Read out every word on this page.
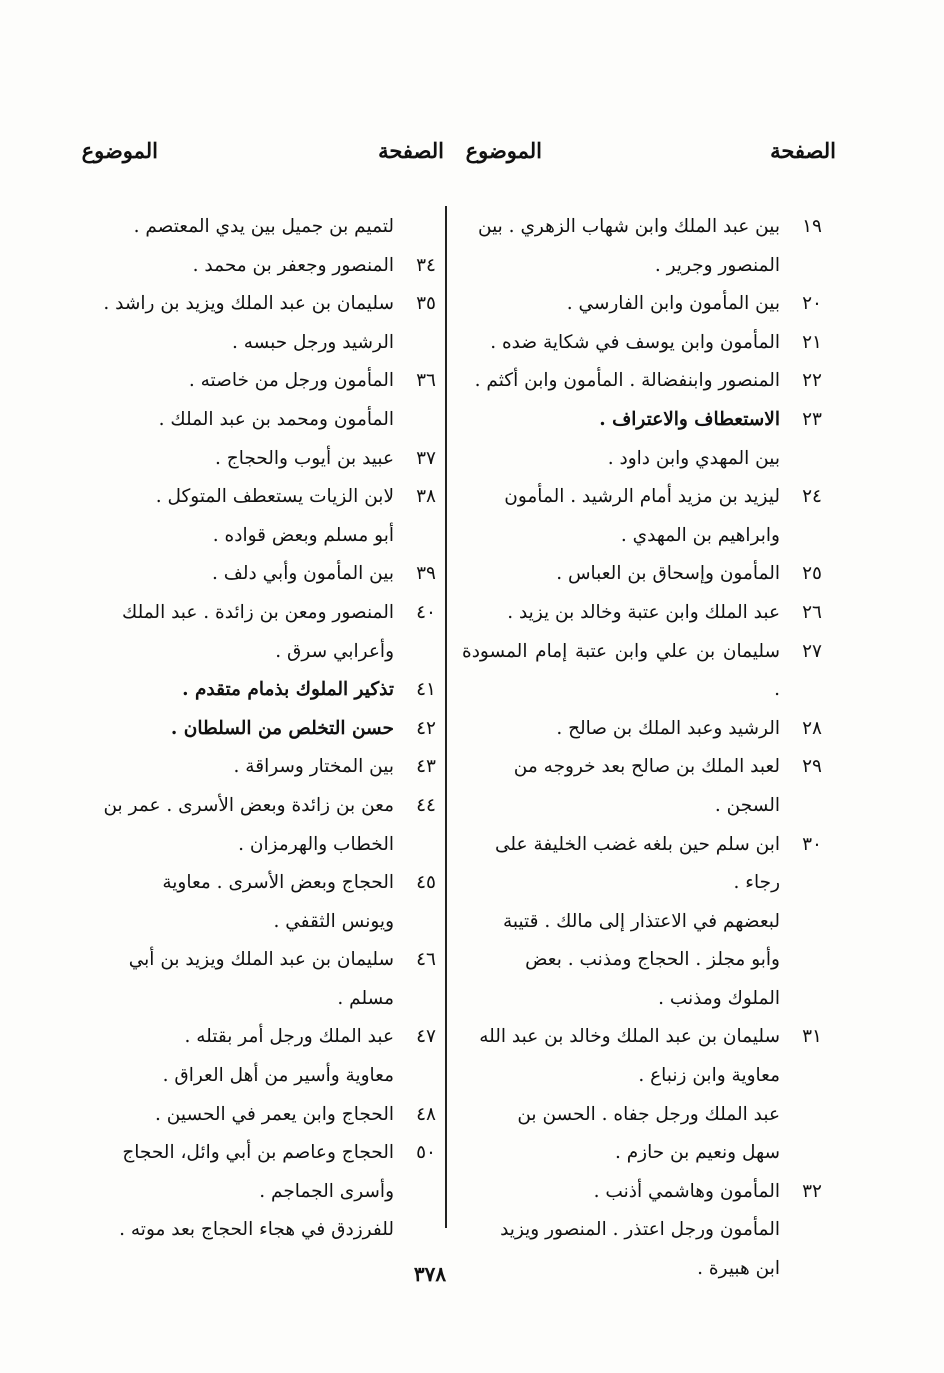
الصفحة
الموضوع
الصفحة
الموضوع
١٩
بين عبد الملك وابن شهاب الزهري . بين
المنصور وجرير .
٢٠
بين المأمون وابن الفارسي .
٢١
المأمون وابن يوسف في شكاية ضده .
٢٢
المنصور وابنفضالة . المأمون وابن أكثم .
٢٣
الاستعطاف والاعتراف .
بين المهدي وابن داود .
٢٤
ليزيد بن مزيد أمام الرشيد . المأمون
وابراهيم بن المهدي .
٢٥
المأمون وإسحاق بن العباس .
٢٦
عبد الملك وابن عتبة وخالد بن يزيد .
٢٧
سليمان بن علي وابن عتبة إمام المسودة .
٢٨
الرشيد وعبد الملك بن صالح .
٢٩
لعبد الملك بن صالح بعد خروجه من
السجن .
٣٠
ابن سلم حين بلغه غضب الخليفة على
رجاء .
لبعضهم في الاعتذار إلى مالك . قتيبة
وأبو مجلز . الحجاج ومذنب . بعض
الملوك ومذنب .
٣١
سليمان بن عبد الملك وخالد بن عبد الله
معاوية وابن زنباع .
عبد الملك ورجل جفاه . الحسن بن
سهل ونعيم بن حازم .
٣٢
المأمون وهاشمي أذنب .
المأمون ورجل اعتذر . المنصور ويزيد
ابن هبيرة .
لتميم بن جميل بين يدي المعتصم .
٣٤
المنصور وجعفر بن محمد .
٣٥
سليمان بن عبد الملك ويزيد بن راشد .
الرشيد ورجل حبسه .
٣٦
المأمون ورجل من خاصته .
المأمون ومحمد بن عبد الملك .
٣٧
عبيد بن أيوب والحجاج .
٣٨
لابن الزيات يستعطف المتوكل .
أبو مسلم وبعض قواده .
٣٩
بين المأمون وأبي دلف .
٤٠
المنصور ومعن بن زائدة . عبد الملك
وأعرابي سرق .
٤١
تذكير الملوك بذمام متقدم .
٤٢
حسن التخلص من السلطان .
٤٣
بين المختار وسراقة .
٤٤
معن بن زائدة وبعض الأسرى . عمر بن
الخطاب والهرمزان .
٤٥
الحجاج وبعض الأسرى . معاوية
ويونس الثقفي .
٤٦
سليمان بن عبد الملك ويزيد بن أبي
مسلم .
٤٧
عبد الملك ورجل أمر بقتله .
معاوية وأسير من أهل العراق .
٤٨
الحجاج وابن يعمر في الحسين .
٥٠
الحجاج وعاصم بن أبي وائل، الحجاج
وأسرى الجماجم .
للفرزدق في هجاء الحجاج بعد موته .
٣٧٨
